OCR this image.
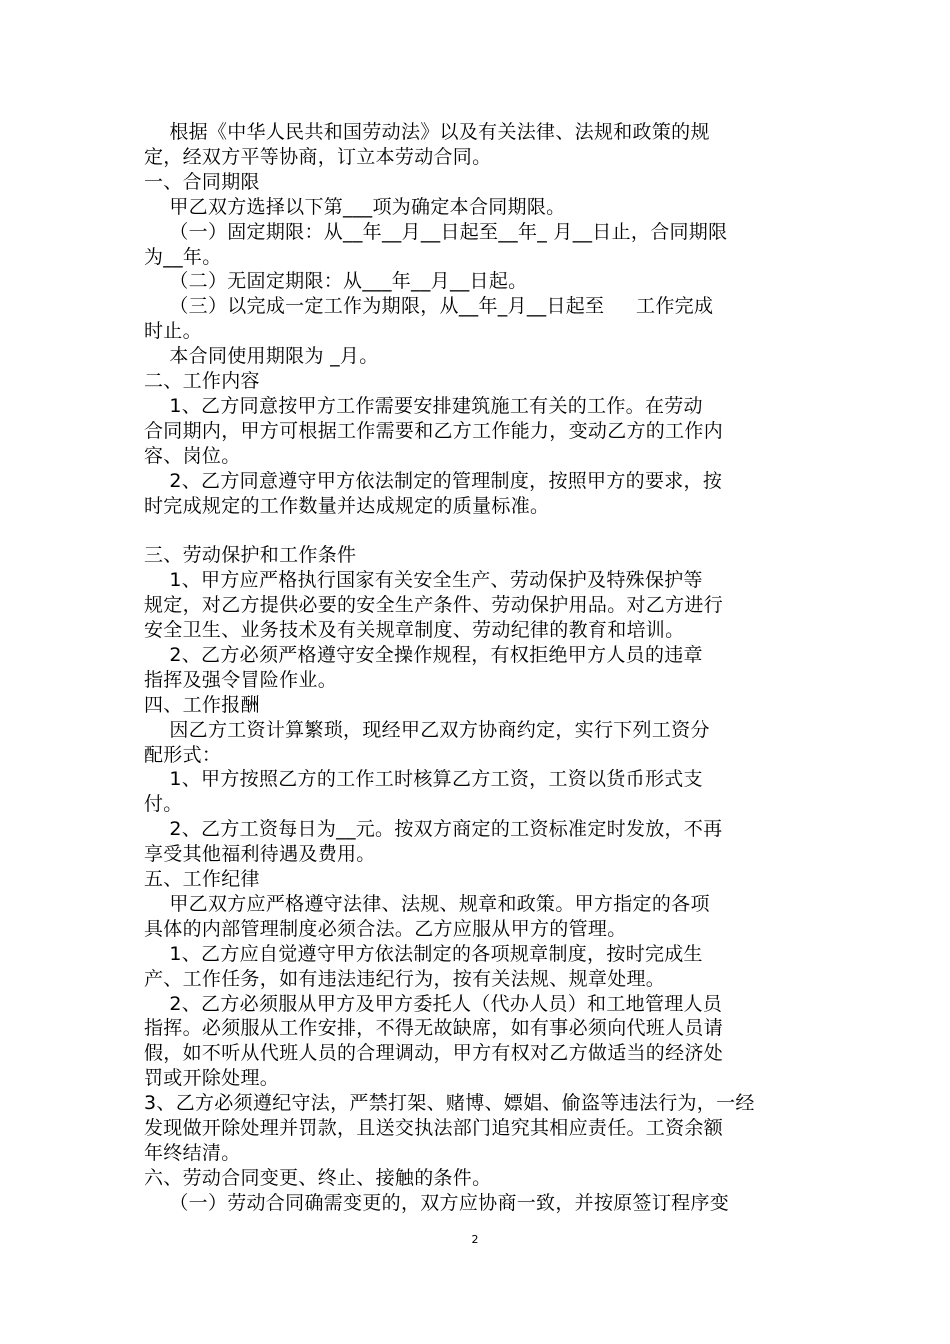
根据《中华人民共和国劳动法》以及有关法律、法规和政策的规
定，经双方平等协商，订立本劳动合同。
一、合同期限
甲乙双方选择以下第___项为确定本合同期限。
（一）固定期限：从__年__月__日起至__年_ 月__日止，合同期限
为__年。
（二）无固定期限：从___年__月__日起。
（三）以完成一定工作为期限，从__年_月__日起至     工作完成
时止。
本合同使用期限为 _月。
二、工作内容
1、乙方同意按甲方工作需要安排建筑施工有关的工作。在劳动
合同期内，甲方可根据工作需要和乙方工作能力，变动乙方的工作内
容、岗位。
2、乙方同意遵守甲方依法制定的管理制度，按照甲方的要求，按
时完成规定的工作数量并达成规定的质量标准。
三、劳动保护和工作条件
1、甲方应严格执行国家有关安全生产、劳动保护及特殊保护等
规定，对乙方提供必要的安全生产条件、劳动保护用品。对乙方进行
安全卫生、业务技术及有关规章制度、劳动纪律的教育和培训。
2、乙方必须严格遵守安全操作规程，有权拒绝甲方人员的违章
指挥及强令冒险作业。
四、工作报酬
因乙方工资计算繁琐，现经甲乙双方协商约定，实行下列工资分
配形式：
1、甲方按照乙方的工作工时核算乙方工资，工资以货币形式支
付。
2、乙方工资每日为__元。按双方商定的工资标准定时发放，不再
享受其他福利待遇及费用。
五、工作纪律
甲乙双方应严格遵守法律、法规、规章和政策。甲方指定的各项
具体的内部管理制度必须合法。乙方应服从甲方的管理。
1、乙方应自觉遵守甲方依法制定的各项规章制度，按时完成生
产、工作任务，如有违法违纪行为，按有关法规、规章处理。
2、乙方必须服从甲方及甲方委托人（代办人员）和工地管理人员
指挥。必须服从工作安排，不得无故缺席，如有事必须向代班人员请
假，如不听从代班人员的合理调动，甲方有权对乙方做适当的经济处
罚或开除处理。
3、乙方必须遵纪守法，严禁打架、赌博、嫖娼、偷盗等违法行为，一经
发现做开除处理并罚款，且送交执法部门追究其相应责任。工资余额
年终结清。
六、劳动合同变更、终止、接触的条件。
（一）劳动合同确需变更的，双方应协商一致，并按原签订程序变
2
